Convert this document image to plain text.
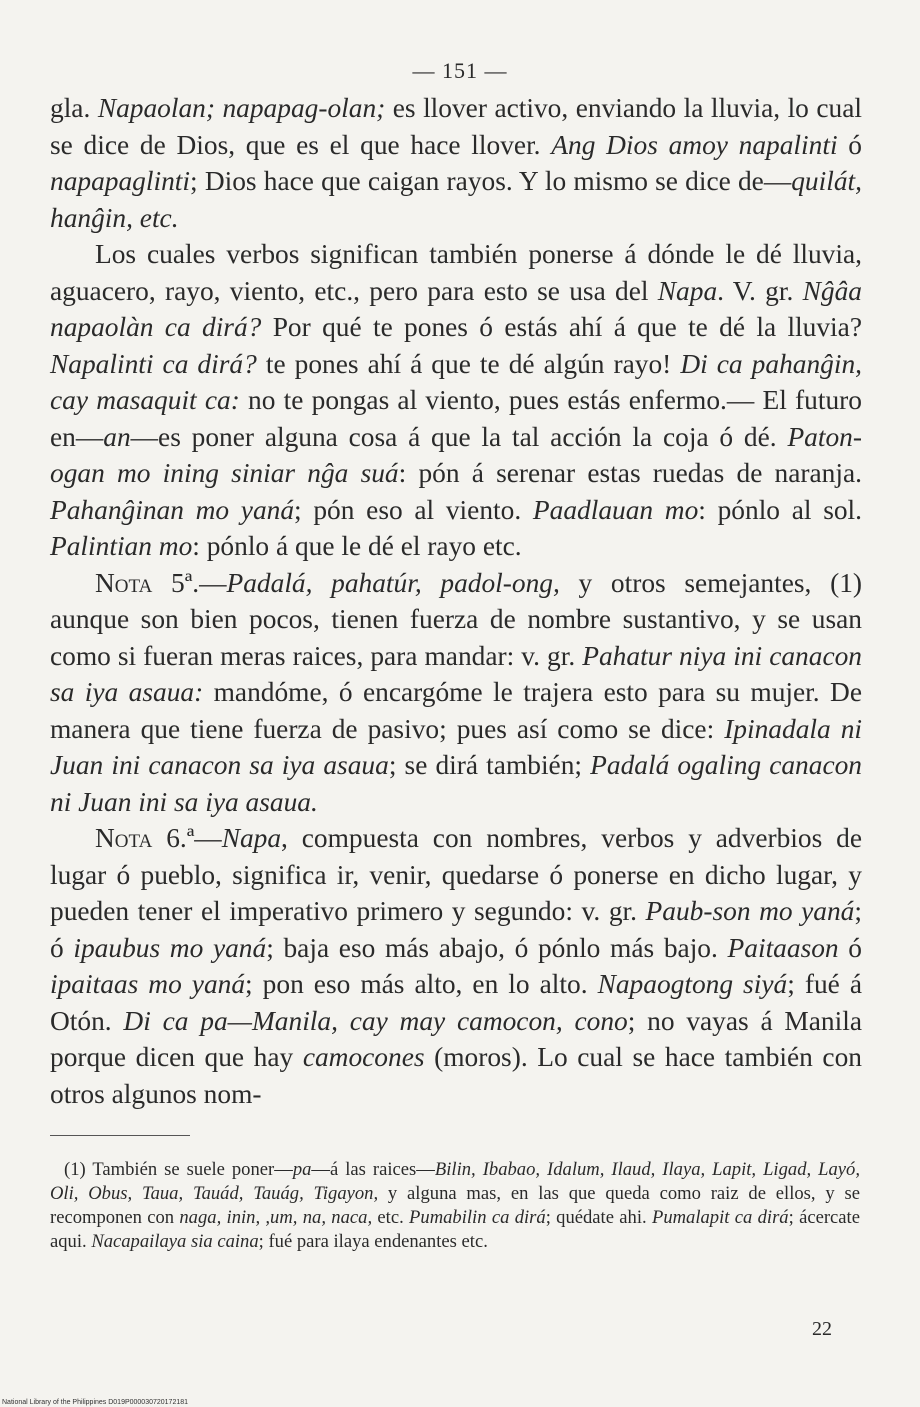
— 151 —

gla. Napaolan; napapag-olan; es llover activo, enviando la lluvia, lo cual se dice de Dios, que es el que hace llover. Ang Dios amoy napalinti ó napapaglinti; Dios hace que caigan rayos. Y lo mismo se dice de—quilát, hanĝin, etc.

Los cuales verbos significan también ponerse á dónde le dé lluvia, aguacero, rayo, viento, etc., pero para esto se usa del Napa. V. gr. Nĝâa napaolàn ca dirá? Por qué te pones ó estás ahí á que te dé la lluvia? Napalinti ca dirá? te pones ahí á que te dé algún rayo! Di ca pahanĝin, cay masaquit ca: no te pongas al viento, pues estás enfermo.— El futuro en—an—es poner alguna cosa á que la tal acción la coja ó dé. Paton-ogan mo ining siniar nĝa suá: pón á serenar estas ruedas de naranja. Pahanĝinan mo yaná; pón eso al viento. Paadlauan mo: pónlo al sol. Palintian mo: pónlo á que le dé el rayo etc.

Nota 5ª.—Padalá, pahatúr, padol-ong, y otros semejantes, (1) aunque son bien pocos, tienen fuerza de nombre sustantivo, y se usan como si fueran meras raices, para mandar: v. gr. Pahatur niya ini canacon sa iya asaua: mandóme, ó encargóme le trajera esto para su mujer. De manera que tiene fuerza de pasivo; pues así como se dice: Ipinadala ni Juan ini canacon sa iya asaua; se dirá también; Padalá ogaling canacon ni Juan ini sa iya asaua.

Nota 6.ª—Napa, compuesta con nombres, verbos y adverbios de lugar ó pueblo, significa ir, venir, quedarse ó ponerse en dicho lugar, y pueden tener el imperativo primero y segundo: v. gr. Paub-son mo yaná; ó ipaubus mo yaná; baja eso más abajo, ó pónlo más bajo. Paitaason ó ipaitaas mo yaná; pon eso más alto, en lo alto. Napaogtong siyá; fué á Otón. Di ca pa—Manila, cay may camocon, cono; no vayas á Manila porque dicen que hay camocones (moros). Lo cual se hace también con otros algunos nom-

(1) También se suele poner—pa—á las raices—Bilin, Ibabao, Idalum, Ilaud, Ilaya, Lapit, Ligad, Layó, Oli, Obus, Taua, Tauád, Tauág, Tigayon, y alguna mas, en las que queda como raiz de ellos, y se recomponen con naga, inin, ,um, na, naca, etc. Pumabilin ca dirá; quédate ahi. Pumalapit ca dirá; ácercate aqui. Nacapailaya sia caina; fué para ilaya endenantes etc.

22
National Library of the Philippines D019P000030720172181
